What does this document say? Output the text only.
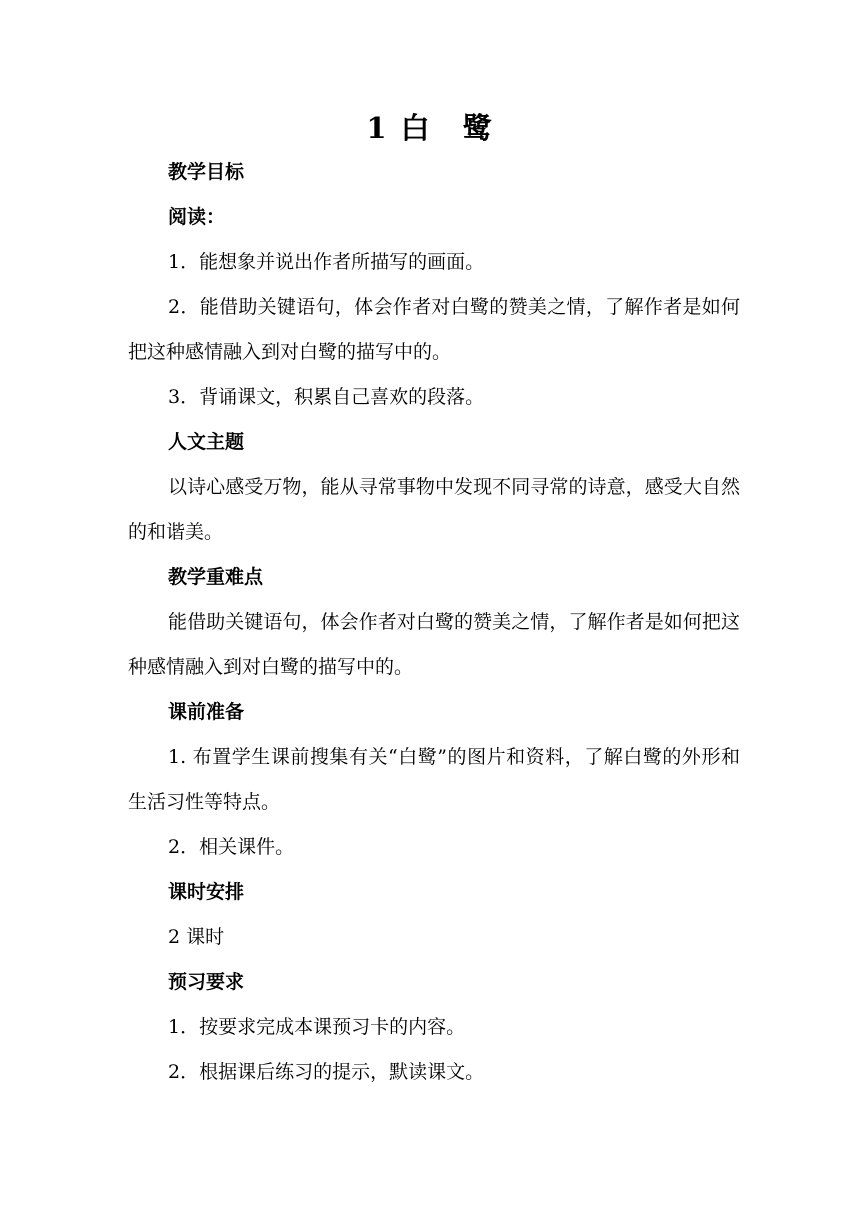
1 白　鹭

教学目标

阅读：

1．能想象并说出作者所描写的画面。

2．能借助关键语句，体会作者对白鹭的赞美之情，了解作者是如何把这种感情融入到对白鹭的描写中的。

3．背诵课文，积累自己喜欢的段落。

人文主题

以诗心感受万物，能从寻常事物中发现不同寻常的诗意，感受大自然的和谐美。

教学重难点

能借助关键语句，体会作者对白鹭的赞美之情，了解作者是如何把这种感情融入到对白鹭的描写中的。

课前准备

1. 布置学生课前搜集有关“白鹭”的图片和资料，了解白鹭的外形和生活习性等特点。

2．相关课件。

课时安排

2 课时

预习要求

1．按要求完成本课预习卡的内容。

2．根据课后练习的提示，默读课文。
